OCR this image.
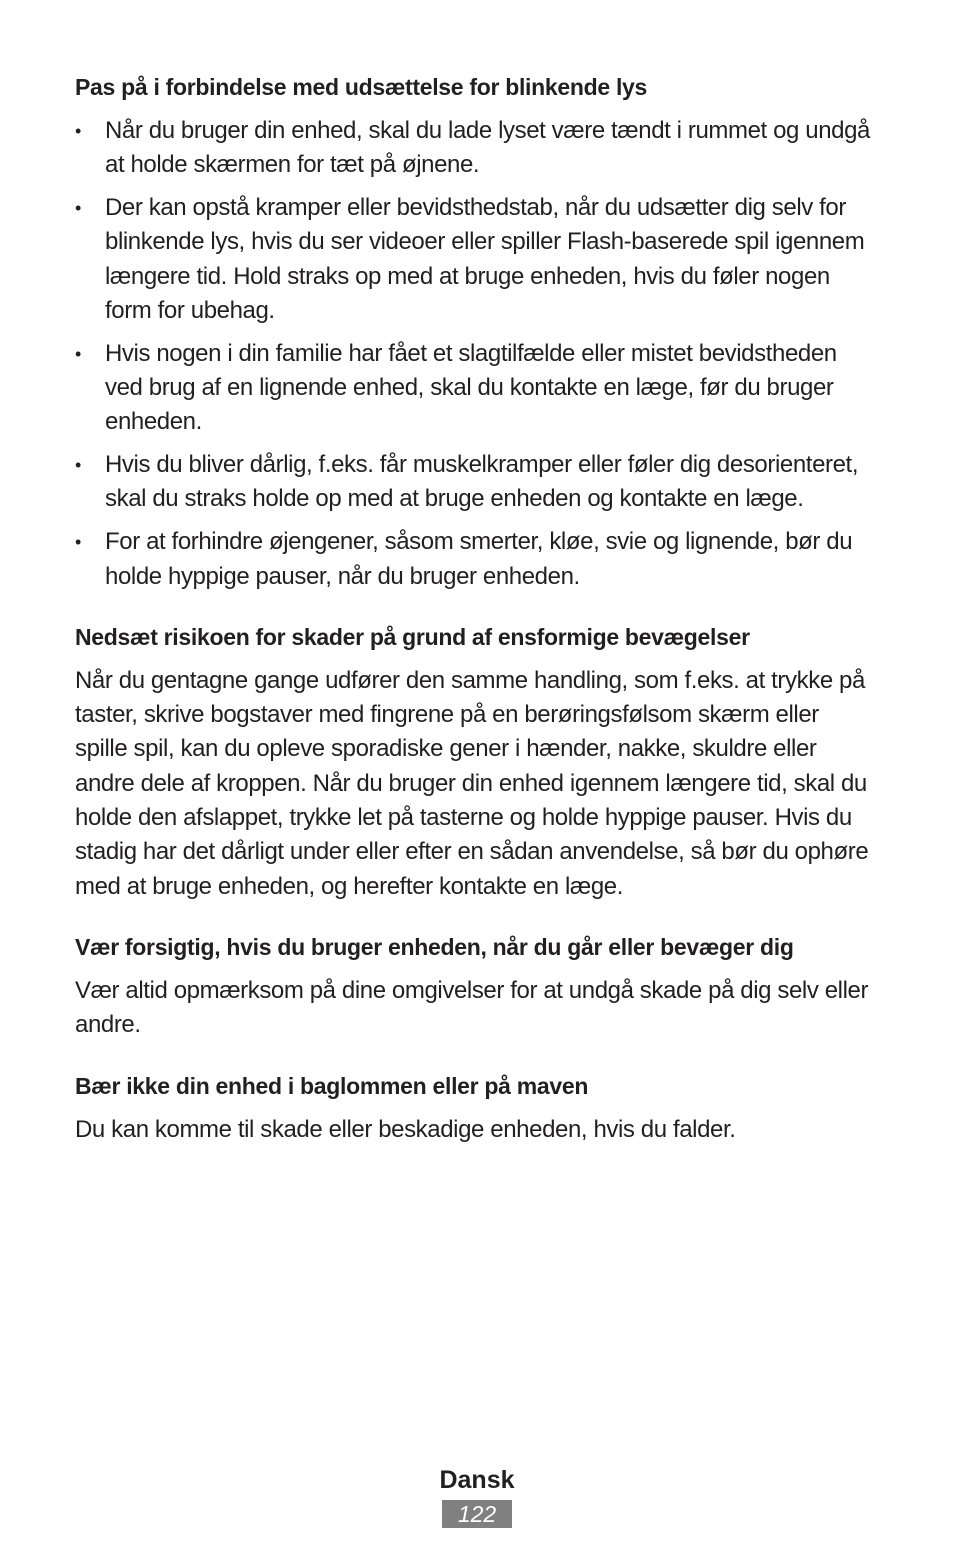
Pas på i forbindelse med udsættelse for blinkende lys
• Når du bruger din enhed, skal du lade lyset være tændt i rummet og undgå at holde skærmen for tæt på øjnene.
• Der kan opstå kramper eller bevidsthedstab, når du udsætter dig selv for blinkende lys, hvis du ser videoer eller spiller Flash-baserede spil igennem længere tid. Hold straks op med at bruge enheden, hvis du føler nogen form for ubehag.
• Hvis nogen i din familie har fået et slagtilfælde eller mistet bevidstheden ved brug af en lignende enhed, skal du kontakte en læge, før du bruger enheden.
• Hvis du bliver dårlig, f.eks. får muskelkramper eller føler dig desorienteret, skal du straks holde op med at bruge enheden og kontakte en læge.
• For at forhindre øjengener, såsom smerter, kløe, svie og lignende, bør du holde hyppige pauser, når du bruger enheden.
Nedsæt risikoen for skader på grund af ensformige bevægelser

Når du gentagne gange udfører den samme handling, som f.eks. at trykke på taster, skrive bogstaver med fingrene på en berøringsfølsom skærm eller spille spil, kan du opleve sporadiske gener i hænder, nakke, skuldre eller andre dele af kroppen. Når du bruger din enhed igennem længere tid, skal du holde den afslappet, trykke let på tasterne og holde hyppige pauser. Hvis du stadig har det dårligt under eller efter en sådan anvendelse, så bør du ophøre med at bruge enheden, og herefter kontakte en læge.

Vær forsigtig, hvis du bruger enheden, når du går eller bevæger dig

Vær altid opmærksom på dine omgivelser for at undgå skade på dig selv eller andre.

Bær ikke din enhed i baglommen eller på maven

Du kan komme til skade eller beskadige enheden, hvis du falder.

Dansk
122
